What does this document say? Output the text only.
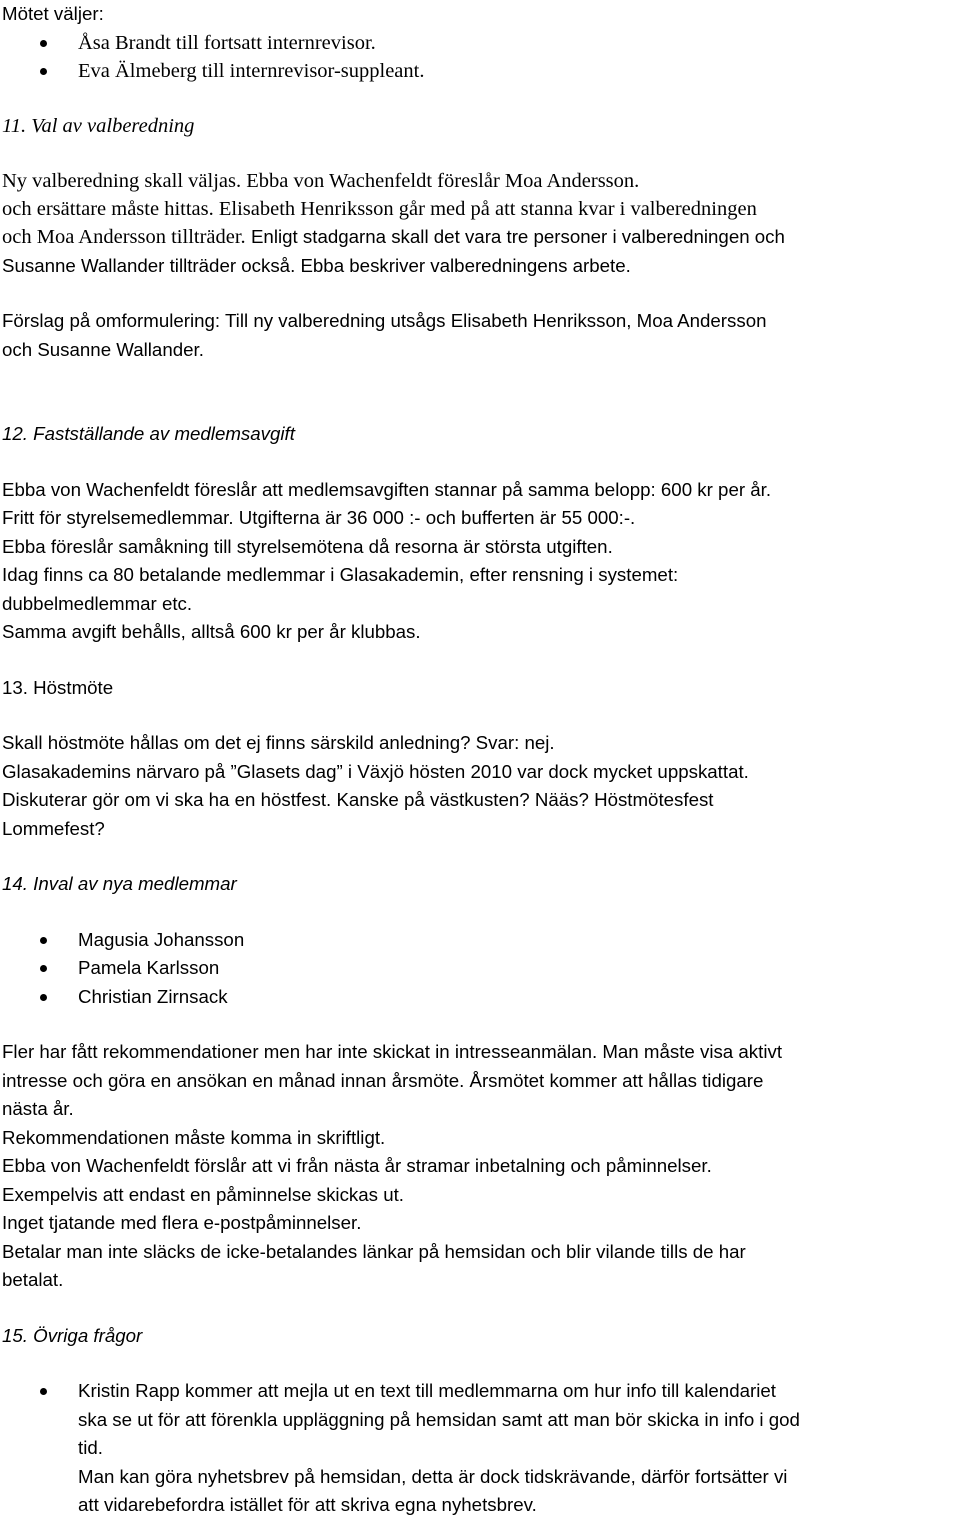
Mötet väljer:

Åsa Brandt till fortsatt internrevisor.
Eva Älmeberg till internrevisor-suppleant.

11. Val av valberedning

Ny valberedning skall väljas. Ebba von Wachenfeldt föreslår Moa Andersson.

och ersättare måste hittas. Elisabeth Henriksson går med på att stanna kvar i valberedningen

och Moa Andersson tillträder. Enligt stadgarna skall det vara tre personer i valberedningen och

Susanne Wallander tillträder också. Ebba beskriver valberedningens arbete.

Förslag på omformulering: Till ny valberedning utsågs Elisabeth Henriksson, Moa Andersson

och Susanne Wallander.

12. Fastställande av medlemsavgift

Ebba von Wachenfeldt föreslår att medlemsavgiften stannar på samma belopp: 600 kr per år.

Fritt för styrelsemedlemmar. Utgifterna är 36 000 :- och bufferten är 55 000:-.

Ebba föreslår samåkning till styrelsemötena då resorna är största utgiften.

Idag finns ca 80 betalande medlemmar i Glasakademin, efter rensning i systemet:

dubbelmedlemmar etc.

Samma avgift behålls, alltså 600 kr per år klubbas.

13. Höstmöte

Skall höstmöte hållas om det ej finns särskild anledning? Svar: nej.

Glasakademins närvaro på ”Glasets dag” i Växjö hösten 2010 var dock mycket uppskattat.

Diskuterar gör om vi ska ha en höstfest. Kanske på västkusten? Nääs? Höstmötesfest

Lommefest?

14. Inval av nya medlemmar

Magusia Johansson
Pamela Karlsson
Christian Zirnsack

Fler har fått rekommendationer men har inte skickat in intresseanmälan. Man måste visa aktivt

intresse och göra en ansökan en månad innan årsmöte. Årsmötet kommer att hållas tidigare

nästa år.

Rekommendationen måste komma in skriftligt.

Ebba von Wachenfeldt förslår att vi från nästa år stramar inbetalning och påminnelser.

Exempelvis att endast en påminnelse skickas ut.

Inget tjatande med flera e-postpåminnelser.

Betalar man inte släcks de icke-betalandes länkar på hemsidan och blir vilande tills de har

betalat.

15. Övriga frågor

Kristin Rapp kommer att mejla ut en text till medlemmarna om hur info till kalendariet
ska se ut för att förenkla uppläggning på hemsidan samt att man bör skicka in info i god
tid.
Man kan göra nyhetsbrev på hemsidan, detta är dock tidskrävande, därför fortsätter vi
att vidarebefordra istället för att skriva egna nyhetsbrev.
